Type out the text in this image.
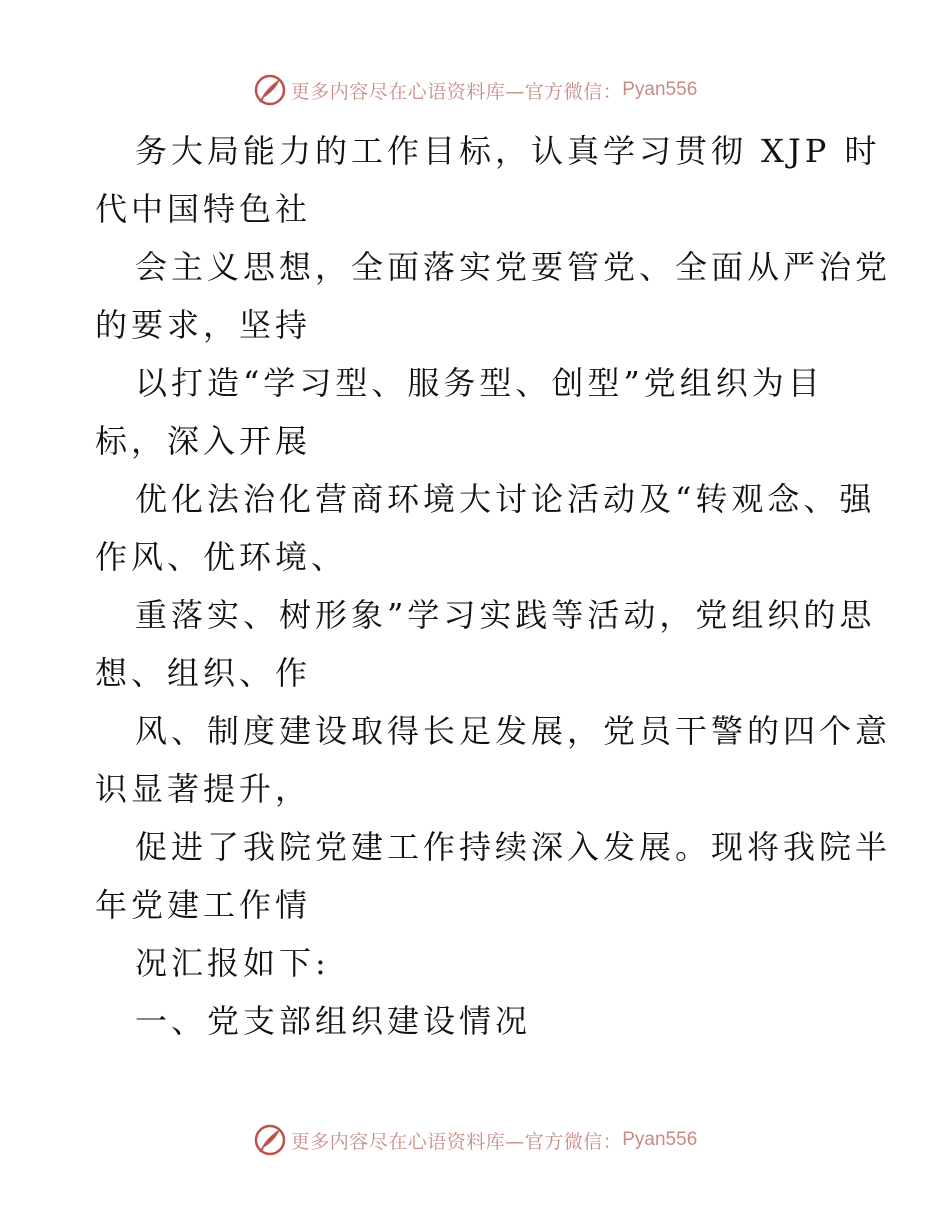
更多内容尽在心语资料库—官方微信： Pyan556

务大局能力的工作目标，认真学习贯彻 XJP 时

代中国特色社

会主义思想，全面落实党要管党、全面从严治党

的要求，坚持

以打造“学习型、服务型、创型”党组织为目

标，深入开展

优化法治化营商环境大讨论活动及“转观念、强

作风、优环境、

重落实、树形象”学习实践等活动，党组织的思

想、组织、作

风、制度建设取得长足发展，党员干警的四个意

识显著提升，

促进了我院党建工作持续深入发展。现将我院半

年党建工作情

况汇报如下:

一、党支部组织建设情况

更多内容尽在心语资料库—官方微信： Pyan556
